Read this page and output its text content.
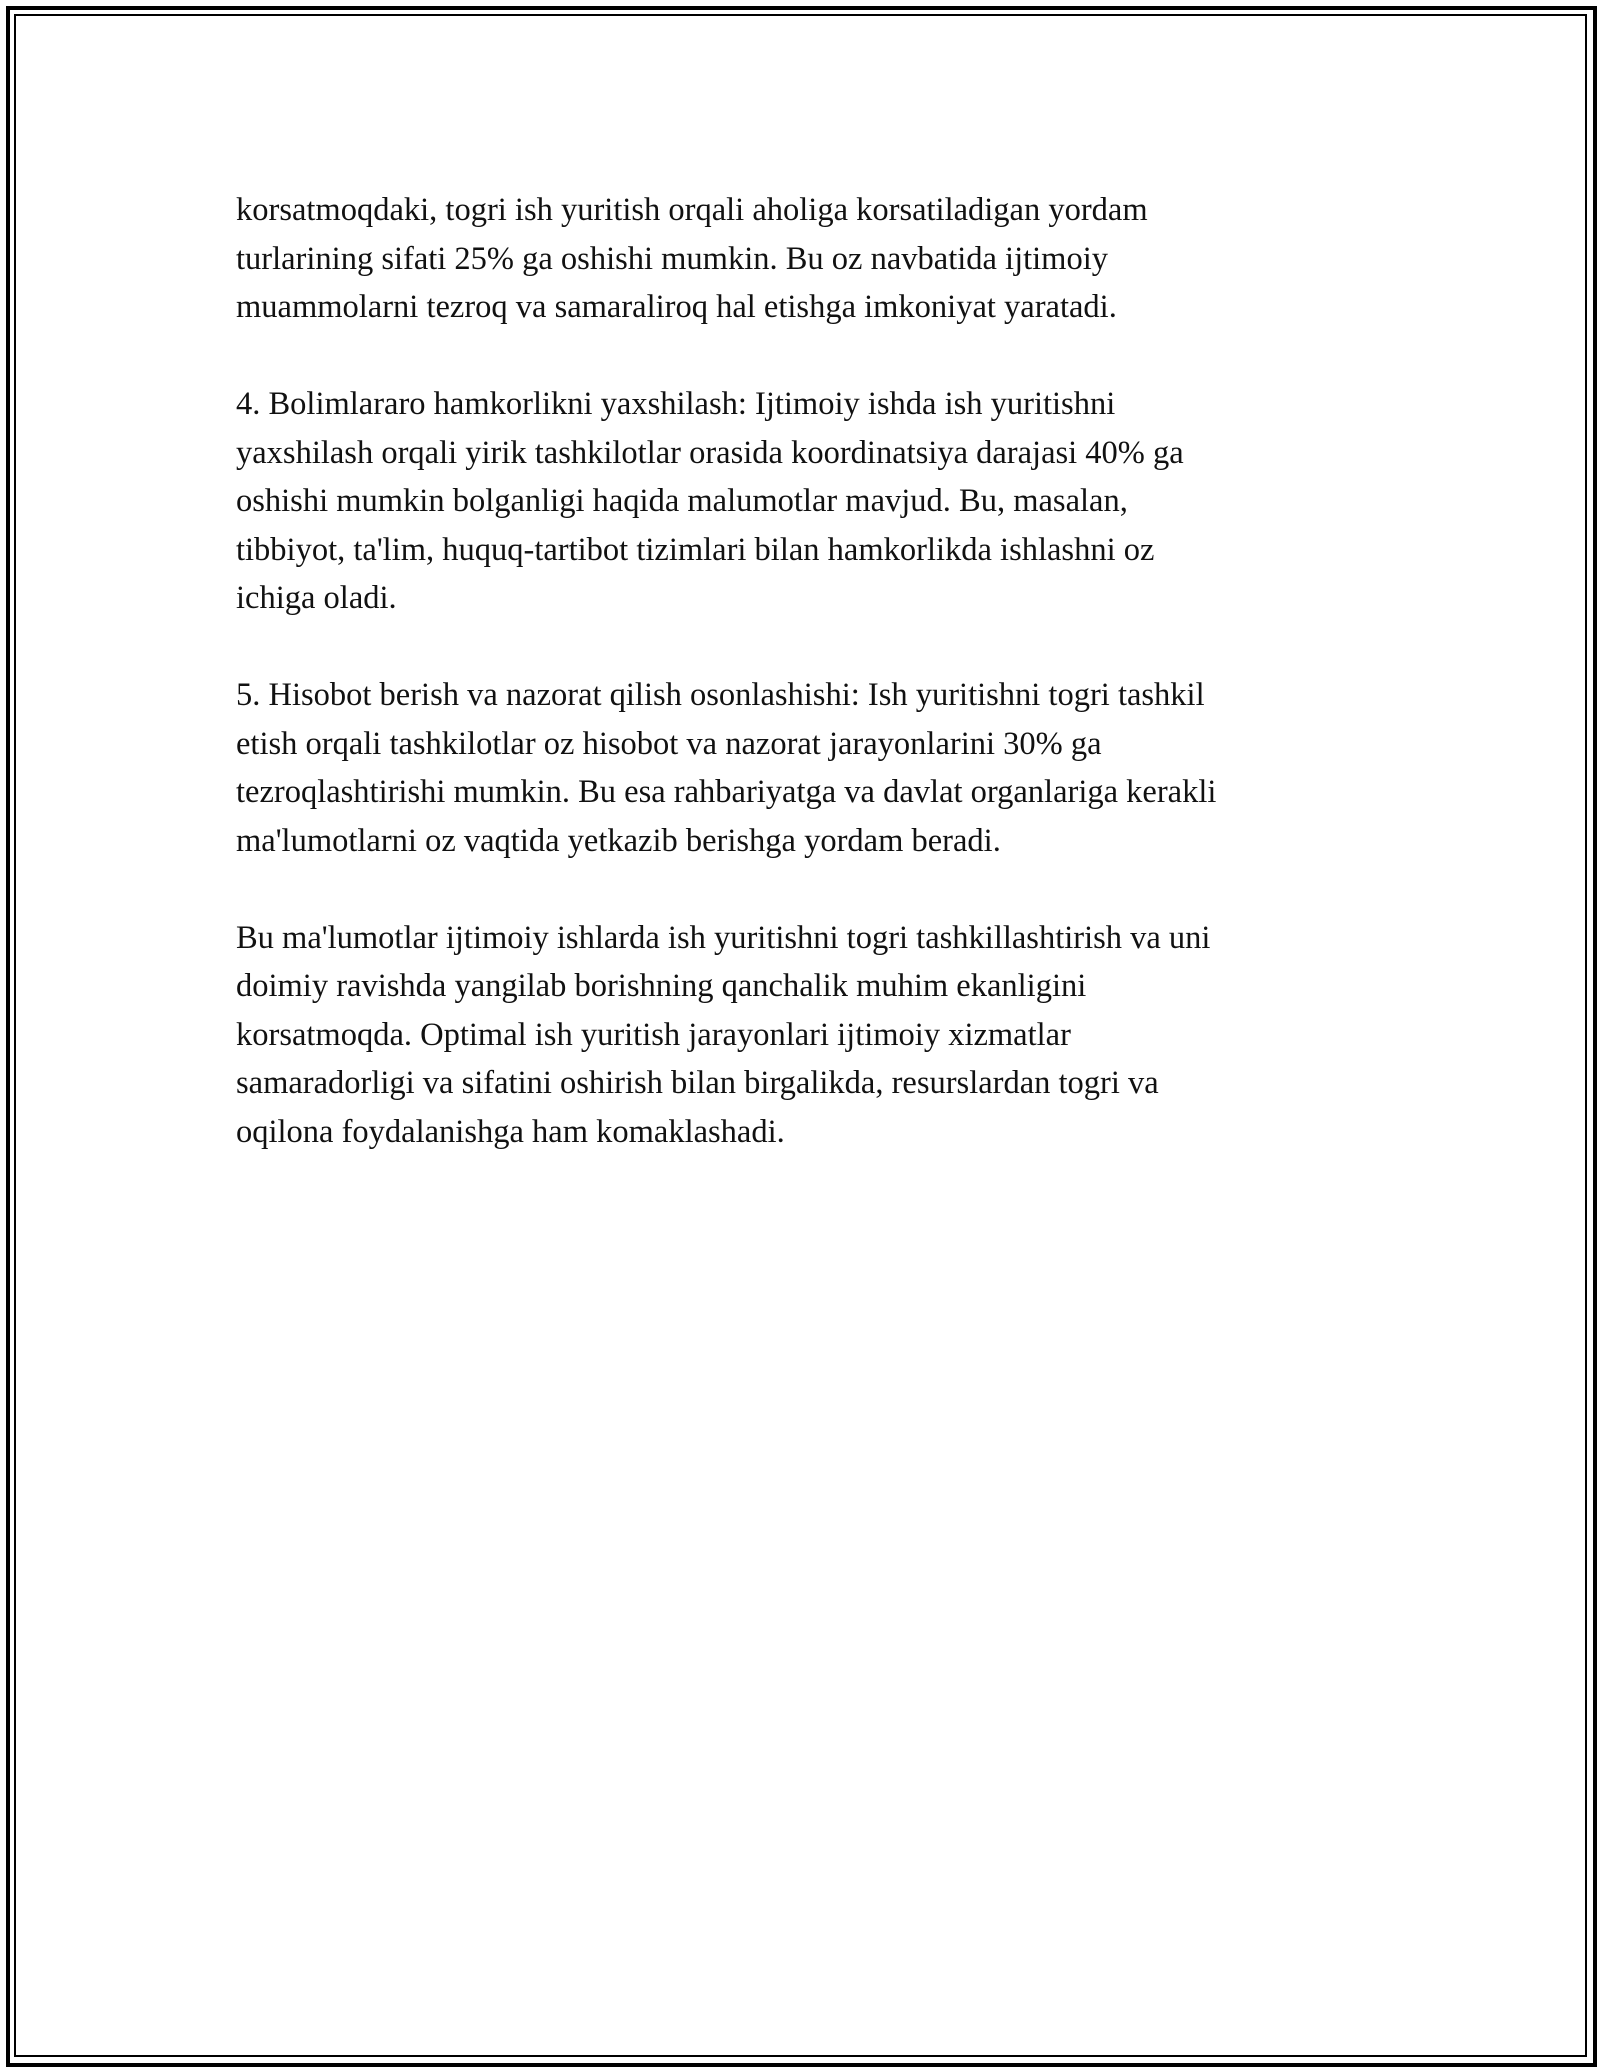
korsatmoqdaki, togri ish yuritish orqali aholiga korsatiladigan yordam
turlarining sifati 25% ga oshishi mumkin. Bu oz navbatida ijtimoiy
muammolarni tezroq va samaraliroq hal etishga imkoniyat yaratadi.

4. Bolimlararo hamkorlikni yaxshilash: Ijtimoiy ishda ish yuritishni
yaxshilash orqali yirik tashkilotlar orasida koordinatsiya darajasi 40% ga
oshishi mumkin bolganligi haqida malumotlar mavjud. Bu, masalan,
tibbiyot, ta'lim, huquq-tartibot tizimlari bilan hamkorlikda ishlashni oz
ichiga oladi.

5. Hisobot berish va nazorat qilish osonlashishi: Ish yuritishni togri tashkil
etish orqali tashkilotlar oz hisobot va nazorat jarayonlarini 30% ga
tezroqlashtirishi mumkin. Bu esa rahbariyatga va davlat organlariga kerakli
ma'lumotlarni oz vaqtida yetkazib berishga yordam beradi.

Bu ma'lumotlar ijtimoiy ishlarda ish yuritishni togri tashkillashtirish va uni
doimiy ravishda yangilab borishning qanchalik muhim ekanligini
korsatmoqda. Optimal ish yuritish jarayonlari ijtimoiy xizmatlar
samaradorligi va sifatini oshirish bilan birgalikda, resurslardan togri va
oqilona foydalanishga ham komaklashadi.
